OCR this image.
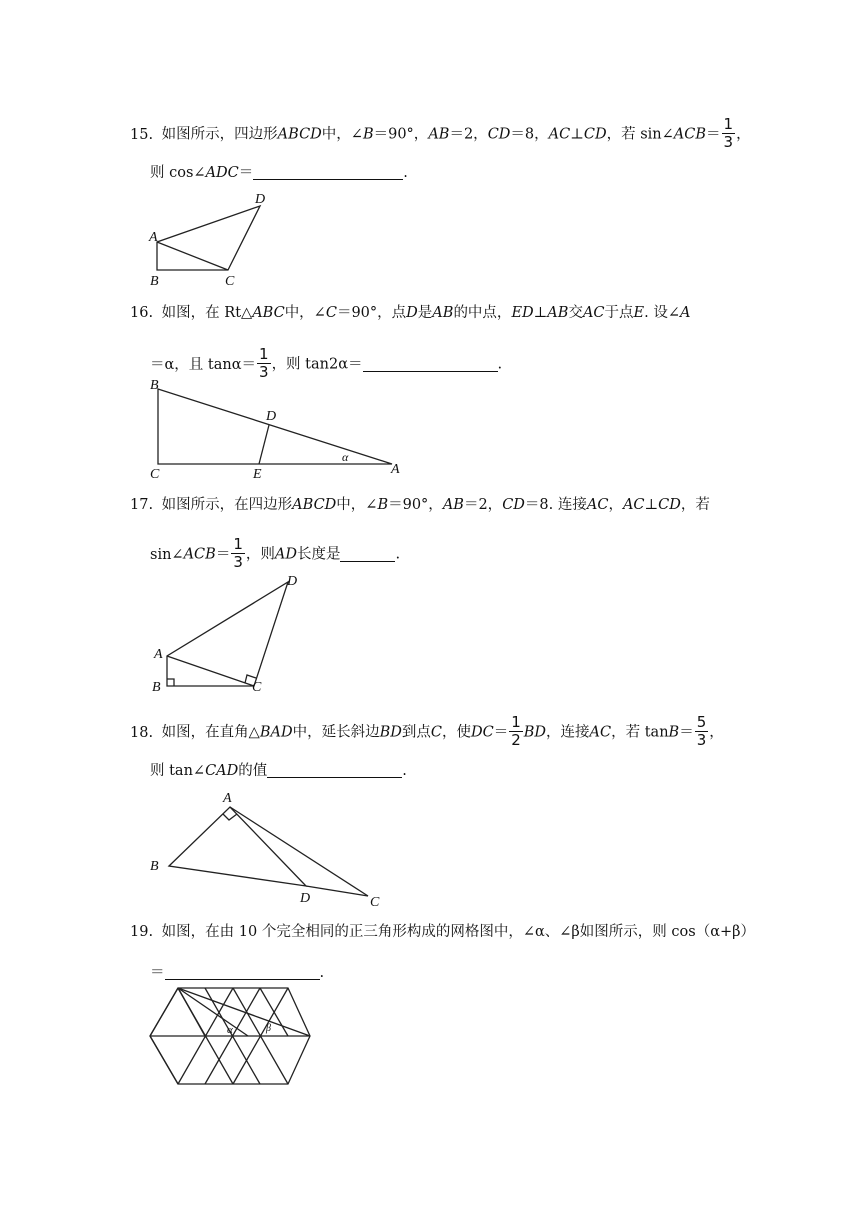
15. 如图所示，四边形ABCD中，∠B＝90°，AB＝2，CD＝8，AC⊥CD，若 sin∠ACB＝ $\frac{1}{3}$ ，
则 cos∠ADC＝	.
A
B	C
D
16. 如图，在 Rt△ABC中，∠C＝90°，点D是AB的中点，ED⊥AB交AC于点E. 设∠A
＝α，且 $\tan\alpha= \frac{1}{3}$ ，则 tan2α＝	.
B
C
D
E	A
α
17. 如图所示，在四边形ABCD中，∠B＝90°，AB＝2，CD＝8. 连接AC，AC⊥CD，若
sin∠ACB＝ $\frac{1}{3}$ ，则AD长度是	.
A
B	C
D
18. 如图，在直角△BAD中，延长斜边BD到点C，使$DC= \frac{1}{2}$ BD，连接AC，若 $\tan B= \frac{5}{3}$ ，
则 tan∠CAD的值	.
A
B
D	C
19. 如图，在由 10 个完全相同的正三角形构成的网格图中，∠α、∠β如图所示，则 cos（α+β）
＝	.
α	β
